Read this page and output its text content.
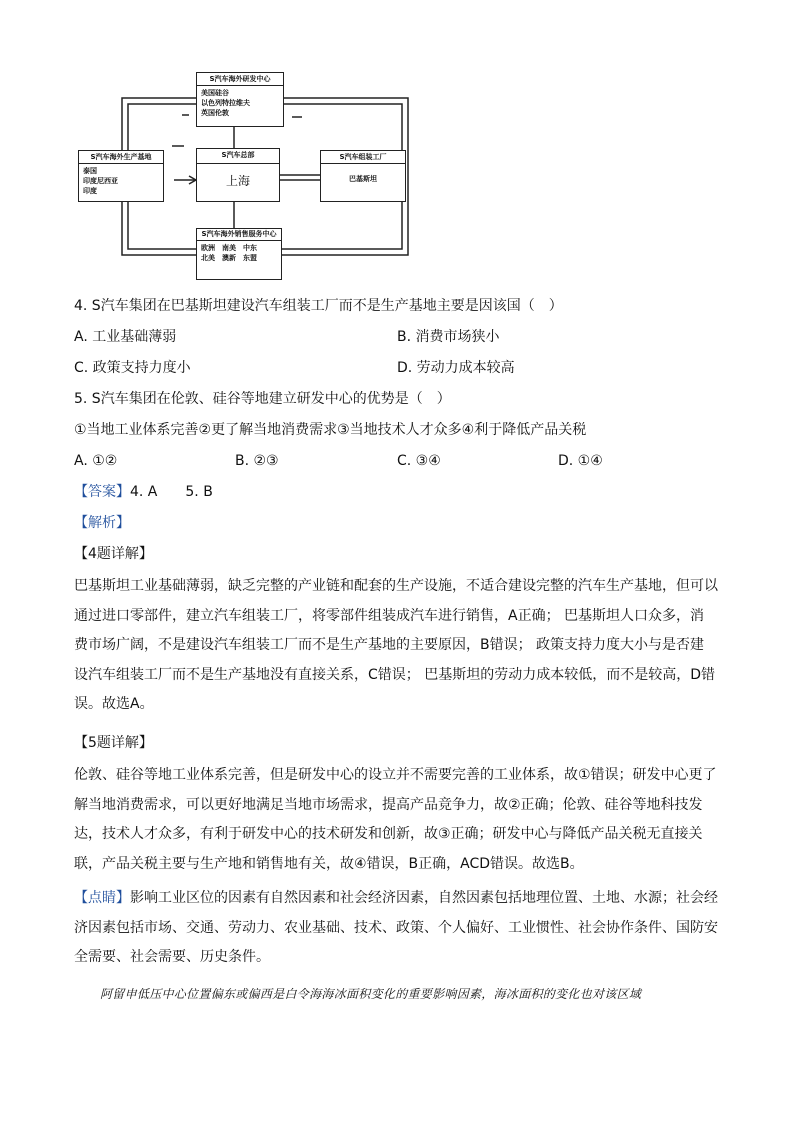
S汽车海外研发中心
美国硅谷
以色列特拉维夫
英国伦敦
S汽车总部
上海
S汽车海外生产基地
泰国
印度尼西亚
印度
S汽车组装工厂
巴基斯坦
S汽车海外销售服务中心
欧洲　南美　中东
北美　澳新　东盟
4. S汽车集团在巴基斯坦建设汽车组装工厂而不是生产基地主要是因该国（　）
A. 工业基础薄弱	B. 消费市场狭小
C. 政策支持力度小	D. 劳动力成本较高
5. S汽车集团在伦敦、硅谷等地建立研发中心的优势是（　）
①当地工业体系完善②更了解当地消费需求③当地技术人才众多④利于降低产品关税
A. ①②	B. ②③	C. ③④	D. ①④
【答案】4. A　　5. B
【解析】
【4题详解】
巴基斯坦工业基础薄弱，缺乏完整的产业链和配套的生产设施，不适合建设完整的汽车生产基地，但可以
通过进口零部件，建立汽车组装工厂，将零部件组装成汽车进行销售，A正确； 巴基斯坦人口众多，消
费市场广阔，不是建设汽车组装工厂而不是生产基地的主要原因，B错误； 政策支持力度大小与是否建
设汽车组装工厂而不是生产基地没有直接关系，C错误； 巴基斯坦的劳动力成本较低，而不是较高，D错
误。故选A。
【5题详解】
伦敦、硅谷等地工业体系完善，但是研发中心的设立并不需要完善的工业体系，故①错误；研发中心更了
解当地消费需求，可以更好地满足当地市场需求，提高产品竞争力，故②正确；伦敦、硅谷等地科技发
达，技术人才众多，有利于研发中心的技术研发和创新，故③正确；研发中心与降低产品关税无直接关
联，产品关税主要与生产地和销售地有关，故④错误，B正确，ACD错误。故选B。
【点睛】影响工业区位的因素有自然因素和社会经济因素，自然因素包括地理位置、土地、水源；社会经
济因素包括市场、交通、劳动力、农业基础、技术、政策、个人偏好、工业惯性、社会协作条件、国防安
全需要、社会需要、历史条件。
阿留申低压中心位置偏东或偏西是白令海海冰面积变化的重要影响因素，海冰面积的变化也对该区域
